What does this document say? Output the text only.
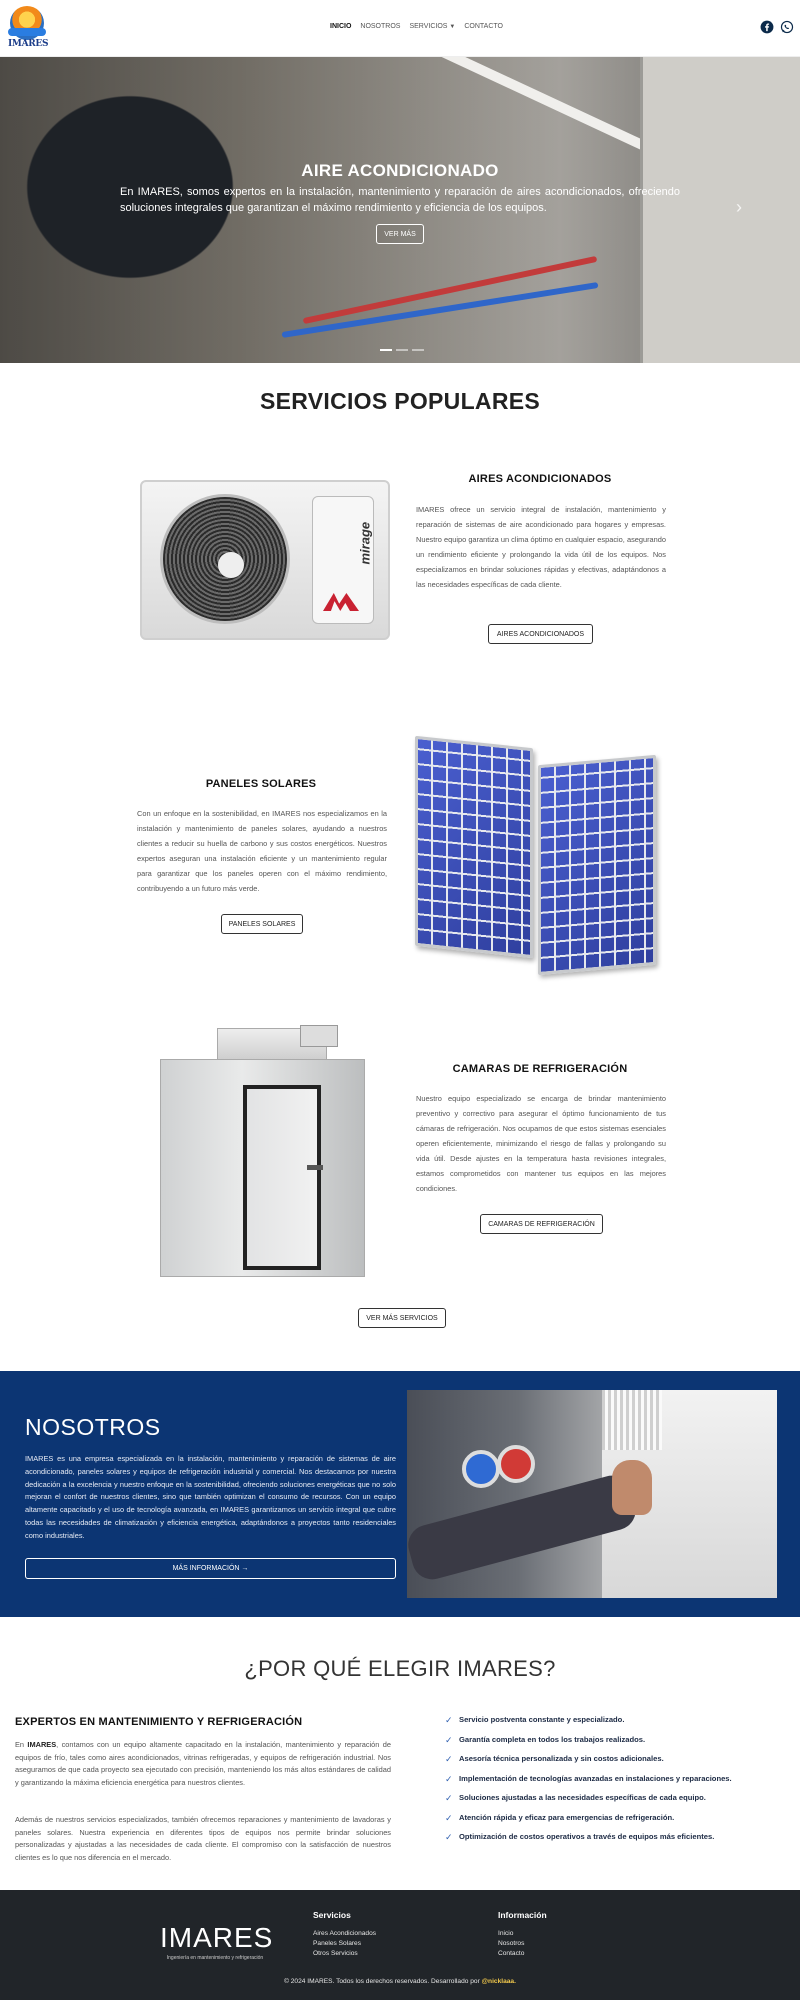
IMARES
INICIO NOSOTROS SERVICIOS ▼ CONTACTO
AIRE ACONDICIONADO

En IMARES, somos expertos en la instalación, mantenimiento y reparación de aires acondicionados, ofreciendo soluciones integrales que garantizan el máximo rendimiento y eficiencia de los equipos.

VER MÁS
›
SERVICIOS POPULARES
mirage
AIRES ACONDICIONADOS

IMARES ofrece un servicio integral de instalación, mantenimiento y reparación de sistemas de aire acondicionado para hogares y empresas. Nuestro equipo garantiza un clima óptimo en cualquier espacio, asegurando un rendimiento eficiente y prolongando la vida útil de los equipos. Nos especializamos en brindar soluciones rápidas y efectivas, adaptándonos a las necesidades específicas de cada cliente.

AIRES ACONDICIONADOS
PANELES SOLARES

Con un enfoque en la sostenibilidad, en IMARES nos especializamos en la instalación y mantenimiento de paneles solares, ayudando a nuestros clientes a reducir su huella de carbono y sus costos energéticos. Nuestros expertos aseguran una instalación eficiente y un mantenimiento regular para garantizar que los paneles operen con el máximo rendimiento, contribuyendo a un futuro más verde.

PANELES SOLARES
CAMARAS DE REFRIGERACIÓN

Nuestro equipo especializado se encarga de brindar mantenimiento preventivo y correctivo para asegurar el óptimo funcionamiento de tus cámaras de refrigeración. Nos ocupamos de que estos sistemas esenciales operen eficientemente, minimizando el riesgo de fallas y prolongando su vida útil. Desde ajustes en la temperatura hasta revisiones integrales, estamos comprometidos con mantener tus equipos en las mejores condiciones.

CAMARAS DE REFRIGERACIÓN
VER MÁS SERVICIOS
NOSOTROS

IMARES es una empresa especializada en la instalación, mantenimiento y reparación de sistemas de aire acondicionado, paneles solares y equipos de refrigeración industrial y comercial. Nos destacamos por nuestra dedicación a la excelencia y nuestro enfoque en la sostenibilidad, ofreciendo soluciones energéticas que no solo mejoran el confort de nuestros clientes, sino que también optimizan el consumo de recursos. Con un equipo altamente capacitado y el uso de tecnología avanzada, en IMARES garantizamos un servicio integral que cubre todas las necesidades de climatización y eficiencia energética, adaptándonos a proyectos tanto residenciales como industriales.

MÁS INFORMACIÓN →
¿POR QUÉ ELEGIR IMARES?
EXPERTOS EN MANTENIMIENTO Y REFRIGERACIÓN

En IMARES, contamos con un equipo altamente capacitado en la instalación, mantenimiento y reparación de equipos de frío, tales como aires acondicionados, vitrinas refrigeradas, y equipos de refrigeración industrial. Nos aseguramos de que cada proyecto sea ejecutado con precisión, manteniendo los más altos estándares de calidad y garantizando la máxima eficiencia energética para nuestros clientes.

Además de nuestros servicios especializados, también ofrecemos reparaciones y mantenimiento de lavadoras y paneles solares. Nuestra experiencia en diferentes tipos de equipos nos permite brindar soluciones personalizadas y ajustadas a las necesidades de cada cliente. El compromiso con la satisfacción de nuestros clientes es lo que nos diferencia en el mercado.

✓ Servicio postventa constante y especializado.
✓ Garantía completa en todos los trabajos realizados.
✓ Asesoría técnica personalizada y sin costos adicionales.
✓ Implementación de tecnologías avanzadas en instalaciones y reparaciones.
✓ Soluciones ajustadas a las necesidades específicas de cada equipo.
✓ Atención rápida y eficaz para emergencias de refrigeración.
✓ Optimización de costos operativos a través de equipos más eficientes.
IMARES
Ingeniería en mantenimiento y refrigeración
Servicios
Aires Acondicionados
Paneles Solares
Otros Servicios
Información
Inicio
Nosotros
Contacto
© 2024 IMARES. Todos los derechos reservados. Desarrollado por @nicklaaa.
